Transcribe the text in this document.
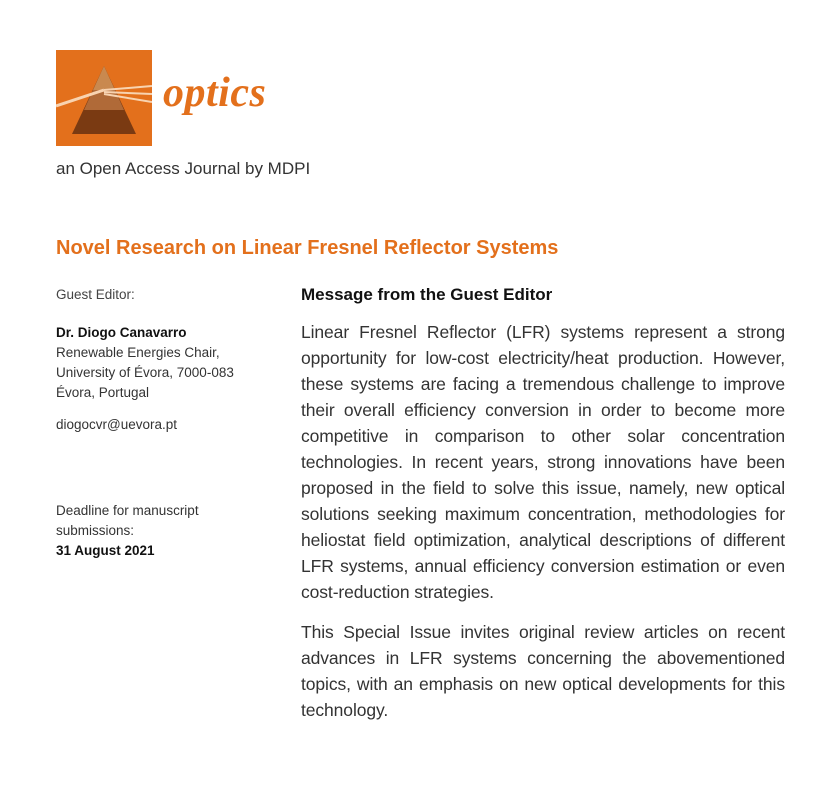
optics
an Open Access Journal by MDPI
Novel Research on Linear Fresnel Reflector Systems
Guest Editor:
Dr. Diogo Canavarro
Renewable Energies Chair,
University of Évora, 7000-083
Évora, Portugal
diogocvr@uevora.pt
Deadline for manuscript
submissions:
31 August 2021
Message from the Guest Editor

Linear Fresnel Reflector (LFR) systems represent a strong opportunity for low-cost electricity/heat production. However, these systems are facing a tremendous challenge to improve their overall efficiency conversion in order to become more competitive in comparison to other solar concentration technologies. In recent years, strong innovations have been proposed in the field to solve this issue, namely, new optical solutions seeking maximum concentration, methodologies for heliostat field optimization, analytical descriptions of different LFR systems, annual efficiency conversion estimation or even cost-reduction strategies.

This Special Issue invites original review articles on recent advances in LFR systems concerning the abovementioned topics, with an emphasis on new optical developments for this technology.
